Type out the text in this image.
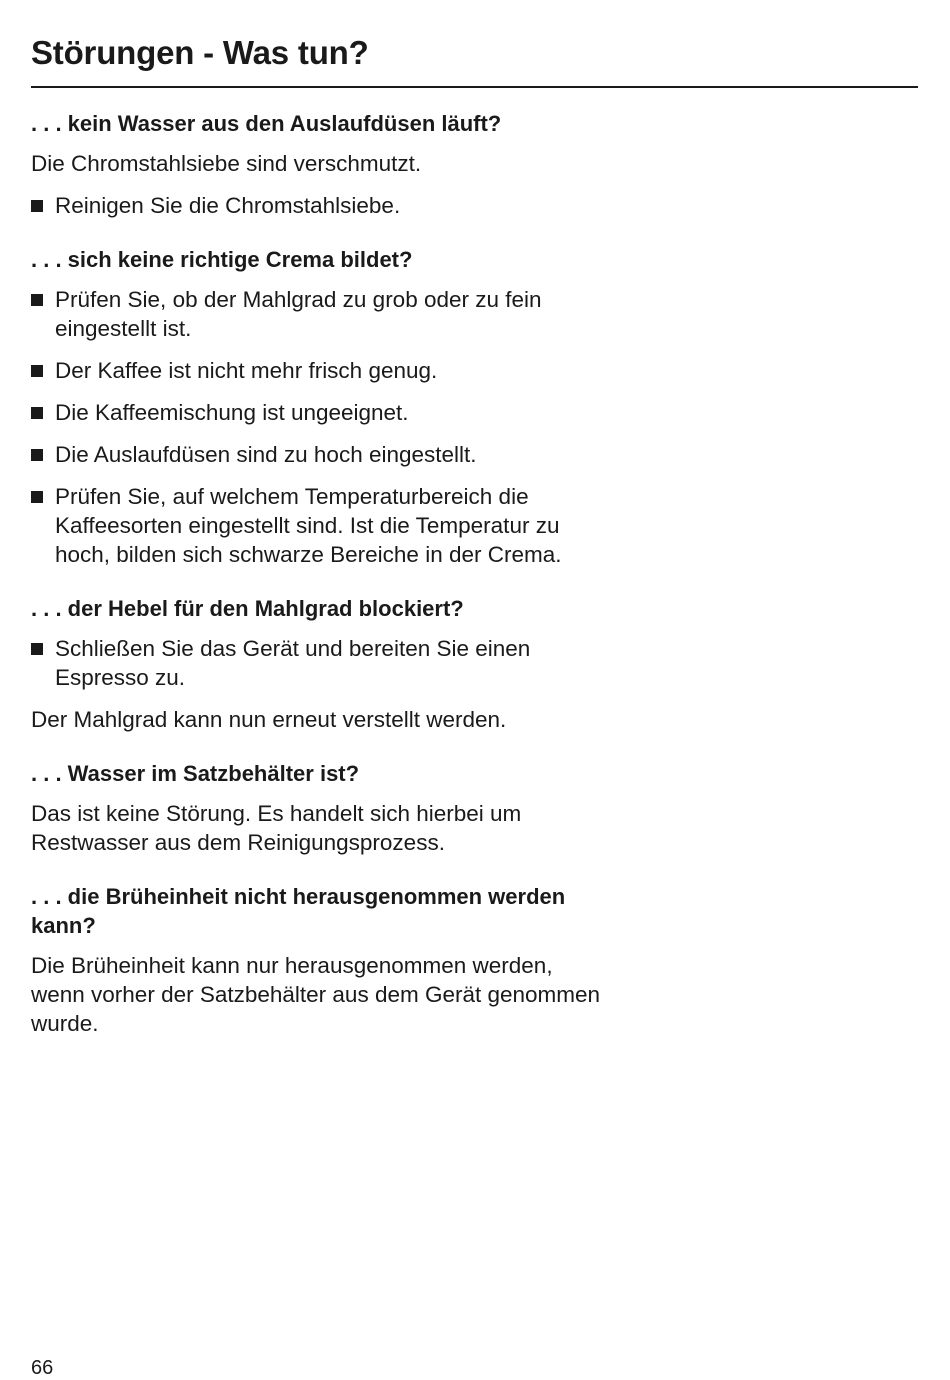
Störungen - Was tun?

. . . kein Wasser aus den Auslaufdüsen läuft?

Die Chromstahlsiebe sind verschmutzt.

Reinigen Sie die Chromstahlsiebe.

. . . sich keine richtige Crema bildet?

Prüfen Sie, ob der Mahlgrad zu grob oder zu fein eingestellt ist.
Der Kaffee ist nicht mehr frisch genug.
Die Kaffeemischung ist ungeeignet.
Die Auslaufdüsen sind zu hoch eingestellt.
Prüfen Sie, auf welchem Temperaturbereich die Kaffeesorten eingestellt sind. Ist die Temperatur zu hoch, bilden sich schwarze Bereiche in der Crema.

. . . der Hebel für den Mahlgrad blockiert?

Schließen Sie das Gerät und bereiten Sie einen Espresso zu.

Der Mahlgrad kann nun erneut verstellt werden.

. . . Wasser im Satzbehälter ist?

Das ist keine Störung. Es handelt sich hierbei um Restwasser aus dem Reinigungsprozess.

. . . die Brüheinheit nicht herausgenommen werden kann?

Die Brüheinheit kann nur herausgenommen werden, wenn vorher der Satzbehälter aus dem Gerät genommen wurde.

66
